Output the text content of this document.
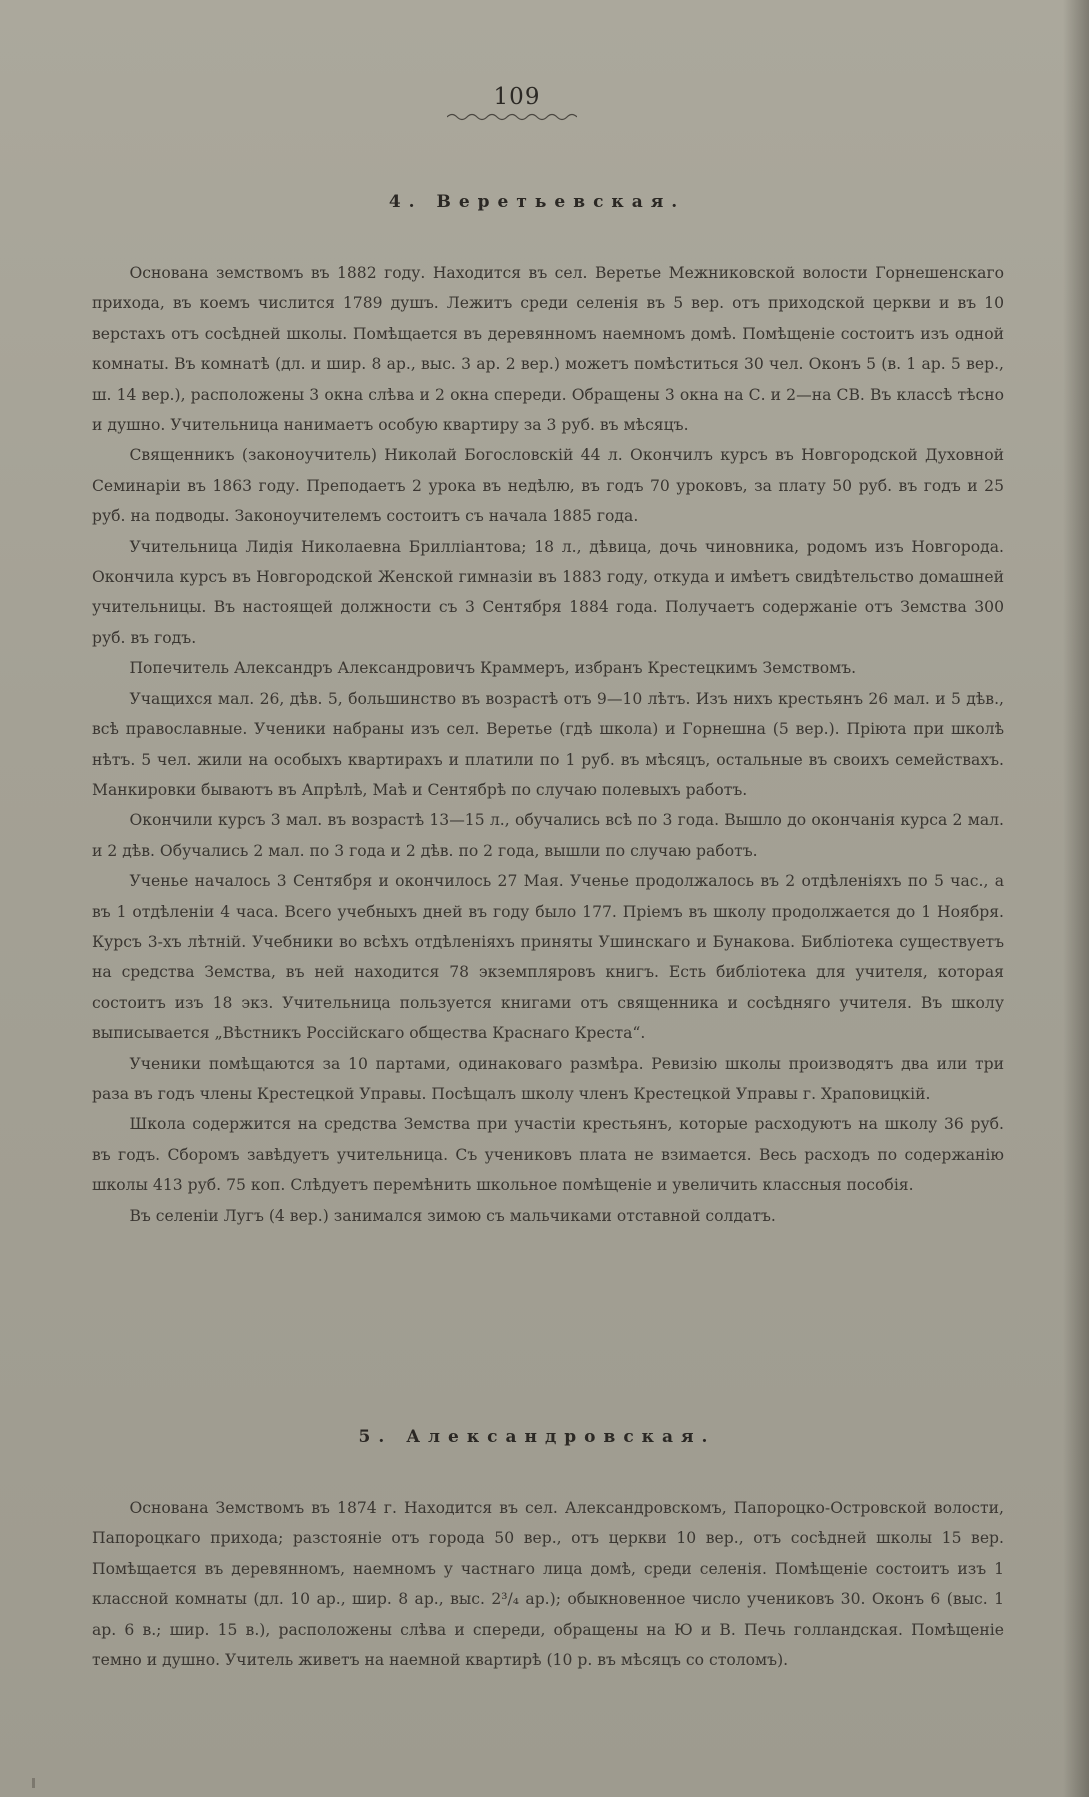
109
4. Веретьевская.

Основана земствомъ въ 1882 году. Находится въ сел. Веретье Межниковской волости Горнешенскаго прихода, въ коемъ числится 1789 душъ. Лежитъ среди селенія въ 5 вер. отъ приходской церкви и въ 10 верстахъ отъ сосѣдней школы. Помѣщается въ деревянномъ наемномъ домѣ. Помѣщеніе состоитъ изъ одной комнаты. Въ комнатѣ (дл. и шир. 8 ар., выс. 3 ар. 2 вер.) можетъ помѣститься 30 чел. Оконъ 5 (в. 1 ар. 5 вер., ш. 14 вер.), расположены 3 окна слѣва и 2 окна спереди. Обращены 3 окна на С. и 2—на СВ. Въ классѣ тѣсно и душно. Учительница нанимаетъ особую квартиру за 3 руб. въ мѣсяцъ.

Священникъ (законоучитель) Николай Богословскій 44 л. Окончилъ курсъ въ Новгородской Духовной Семинаріи въ 1863 году. Преподаетъ 2 урока въ недѣлю, въ годъ 70 уроковъ, за плату 50 руб. въ годъ и 25 руб. на подводы. Законоучителемъ состоитъ съ начала 1885 года.

Учительница Лидія Николаевна Бриллiантова; 18 л., дѣвица, дочь чиновника, родомъ изъ Новгорода. Окончила курсъ въ Новгородской Женской гимназіи въ 1883 году, откуда и имѣетъ свидѣтельство домашней учительницы. Въ настоящей должности съ 3 Сентября 1884 года. Получаетъ содержаніе отъ Земства 300 руб. въ годъ.

Попечитель Александръ Александровичъ Краммеръ, избранъ Крестецкимъ Земствомъ.

Учащихся мал. 26, дѣв. 5, большинство въ возрастѣ отъ 9—10 лѣтъ. Изъ нихъ крестьянъ 26 мал. и 5 дѣв., всѣ православные. Ученики набраны изъ сел. Веретье (гдѣ школа) и Горнешна (5 вер.). Пріюта при школѣ нѣтъ. 5 чел. жили на особыхъ квартирахъ и платили по 1 руб. въ мѣсяцъ, остальные въ своихъ семействахъ. Манкировки бываютъ въ Апрѣлѣ, Маѣ и Сентябрѣ по случаю полевыхъ работъ.

Окончили курсъ 3 мал. въ возрастѣ 13—15 л., обучались всѣ по 3 года. Вышло до окончанія курса 2 мал. и 2 дѣв. Обучались 2 мал. по 3 года и 2 дѣв. по 2 года, вышли по случаю работъ.

Ученье началось 3 Сентября и окончилось 27 Мая. Ученье продолжалось въ 2 отдѣленіяхъ по 5 час., а въ 1 отдѣленіи 4 часа. Всего учебныхъ дней въ году было 177. Пріемъ въ школу продолжается до 1 Ноября. Курсъ 3-хъ лѣтній. Учебники во всѣхъ отдѣленіяхъ приняты Ушинскаго и Бунакова. Библіотека существуетъ на средства Земства, въ ней находится 78 экземпляровъ книгъ. Есть библіотека для учителя, которая состоитъ изъ 18 экз. Учительница пользуется книгами отъ священника и сосѣдняго учителя. Въ школу выписывается „Вѣстникъ Россійскаго общества Краснаго Креста“.

Ученики помѣщаются за 10 партами, одинаковаго размѣра. Ревизію школы производятъ два или три раза въ годъ члены Крестецкой Управы. Посѣщалъ школу членъ Крестецкой Управы г. Храповицкій.

Школа содержится на средства Земства при участіи крестьянъ, которые расходуютъ на школу 36 руб. въ годъ. Сборомъ завѣдуетъ учительница. Съ учениковъ плата не взимается. Весь расходъ по содержанію школы 413 руб. 75 коп. Слѣдуетъ перемѣнить школьное помѣщеніе и увеличить классныя пособія.

Въ селеніи Лугъ (4 вер.) занимался зимою съ мальчиками отставной солдатъ.

5. Александровская.

Основана Земствомъ въ 1874 г. Находится въ сел. Александровскомъ, Папороцко-Островской волости, Папороцкаго прихода; разстояніе отъ города 50 вер., отъ церкви 10 вер., отъ сосѣдней школы 15 вер. Помѣщается въ деревянномъ, наемномъ у частнаго лица домѣ, среди селенія. Помѣщеніе состоитъ изъ 1 классной комнаты (дл. 10 ар., шир. 8 ар., выс. 2³/₄ ар.); обыкновенное число учениковъ 30. Оконъ 6 (выс. 1 ар. 6 в.; шир. 15 в.), расположены слѣва и спереди, обращены на Ю и В. Печь голландская. Помѣщеніе темно и душно. Учитель живетъ на наемной квартирѣ (10 р. въ мѣсяцъ со столомъ).
